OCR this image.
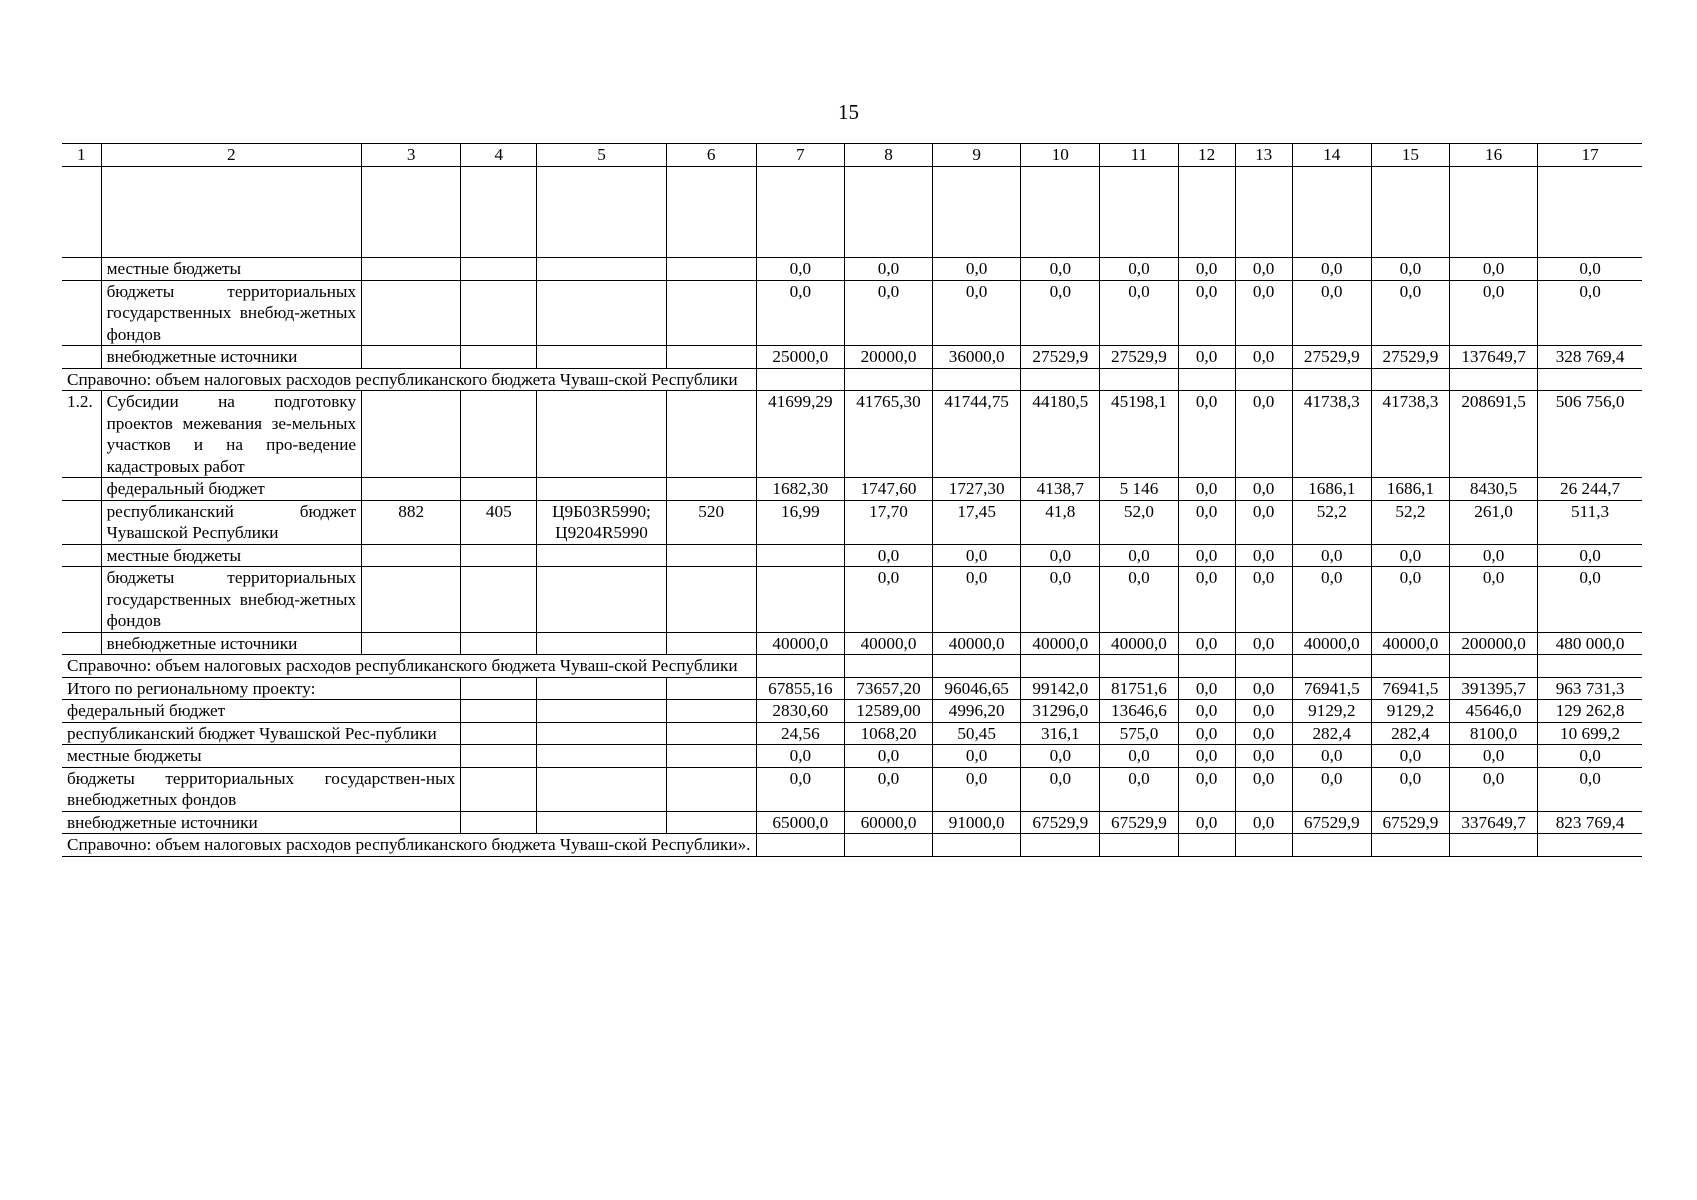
15
1	2	3	4	5	6	7	8	9	10	11	12	13	14	15	16	17

	местные бюджеты					0,0	0,0	0,0	0,0	0,0	0,0	0,0	0,0	0,0	0,0	0,0
	бюджеты территориальных государственных внебюд-жетных фондов					0,0	0,0	0,0	0,0	0,0	0,0	0,0	0,0	0,0	0,0	0,0
	внебюджетные источники					25000,0	20000,0	36000,0	27529,9	27529,9	0,0	0,0	27529,9	27529,9	137649,7	328 769,4
Справочно: объем налоговых расходов республиканского бюджета Чуваш-ской Республики																
1.2.	Субсидии на подготовку проектов межевания зе-мельных участков и на про-ведение кадастровых работ					41699,29	41765,30	41744,75	44180,5	45198,1	0,0	0,0	41738,3	41738,3	208691,5	506 756,0
	федеральный бюджет					1682,30	1747,60	1727,30	4138,7	5 146	0,0	0,0	1686,1	1686,1	8430,5	26 244,7
	республиканский бюджет Чувашской Республики	882	405	Ц9Б03R5990; Ц9204R5990	520	16,99	17,70	17,45	41,8	52,0	0,0	0,0	52,2	52,2	261,0	511,3
	местные бюджеты						0,0	0,0	0,0	0,0	0,0	0,0	0,0	0,0	0,0	0,0
	бюджеты территориальных государственных внебюд-жетных фондов						0,0	0,0	0,0	0,0	0,0	0,0	0,0	0,0	0,0	0,0
	внебюджетные источники					40000,0	40000,0	40000,0	40000,0	40000,0	0,0	0,0	40000,0	40000,0	200000,0	480 000,0
Справочно: объем налоговых расходов республиканского бюджета Чуваш-ской Республики																
Итого по региональному проекту:						67855,16	73657,20	96046,65	99142,0	81751,6	0,0	0,0	76941,5	76941,5	391395,7	963 731,3
федеральный бюджет						2830,60	12589,00	4996,20	31296,0	13646,6	0,0	0,0	9129,2	9129,2	45646,0	129 262,8
республиканский бюджет Чувашской Рес-публики						24,56	1068,20	50,45	316,1	575,0	0,0	0,0	282,4	282,4	8100,0	10 699,2
местные бюджеты						0,0	0,0	0,0	0,0	0,0	0,0	0,0	0,0	0,0	0,0	0,0
бюджеты территориальных государствен-ных внебюджетных фондов						0,0	0,0	0,0	0,0	0,0	0,0	0,0	0,0	0,0	0,0	0,0
внебюджетные источники						65000,0	60000,0	91000,0	67529,9	67529,9	0,0	0,0	67529,9	67529,9	337649,7	823 769,4
Справочно: объем налоговых расходов республиканского бюджета Чуваш-ской Республики».																
